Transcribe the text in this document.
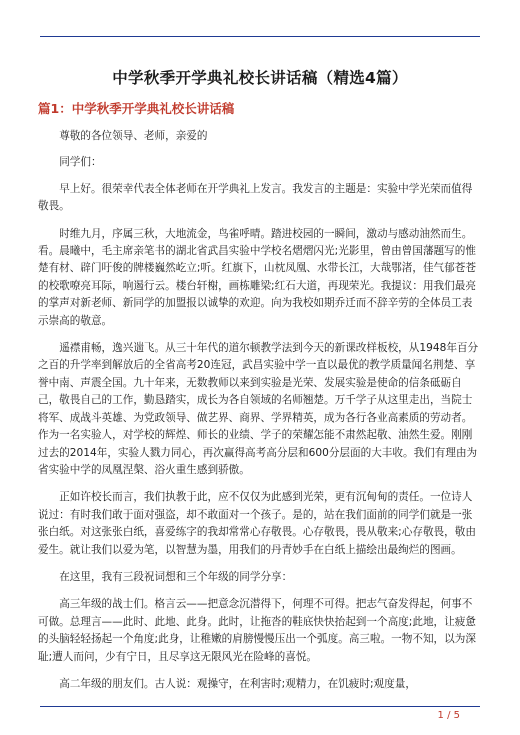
中学秋季开学典礼校长讲话稿（精选4篇）
篇1：中学秋季开学典礼校长讲话稿

尊敬的各位领导、老师，亲爱的

同学们：

早上好。很荣幸代表全体老师在开学典礼上发言。我发言的主题是：实验中学光荣而值得敬畏。

时维九月，序属三秋，大地流金，鸟雀呼晴。踏进校园的一瞬间，激动与感动油然而生。看。晨曦中，毛主席亲笔书的湖北省武昌实验中学校名熠熠闪光;光影里，曾由曾国藩题写的惟楚有材、辟门吁俊的牌楼巍然屹立;听。红旗下，山枕凤凰、水带长江，大哉鄂渚，佳气郁苍苍的校歌嘹亮耳际，响遏行云。楼台轩榭，画栋雕梁;红石大道，再现荣光。我提议：用我们最亮的掌声对新老师、新同学的加盟报以诚挚的欢迎。向为我校如期乔迁而不辞辛劳的全体员工表示崇高的敬意。

遥襟甫畅，逸兴遄飞。从三十年代的道尔顿教学法到今天的新课改样板校，从1948年百分之百的升学率到解放后的全省高考20连冠，武昌实验中学一直以最优的教学质量闻名荆楚、享誉中南、声震全国。九十年来，无数教师以来到实验是光荣、发展实验是使命的信条砥砺自己，敬畏自己的工作，勤恳踏实，成长为各自领域的名师翘楚。万千学子从这里走出，当院士将军、成战斗英雄、为党政领导、做艺界、商界、学界精英，成为各行各业高素质的劳动者。作为一名实验人，对学校的辉煌、师长的业绩、学子的荣耀怎能不肃然起敬、油然生爱。刚刚过去的2014年，实验人戮力同心，再次赢得高考高分层和600分层面的大丰收。我们有理由为省实验中学的凤凰涅槃、浴火重生感到骄傲。

正如许校长而言，我们执教于此，应不仅仅为此感到光荣，更有沉甸甸的责任。一位诗人说过：有时我们敢于面对强盗，却不敢面对一个孩子。是的，站在我们面前的同学们就是一张张白纸。对这张张白纸，喜爱练字的我却常常心存敬畏。心存敬畏，畏从敬来;心存敬畏，敬由爱生。就让我们以爱为笔，以智慧为墨，用我们的丹青妙手在白纸上描绘出最绚烂的图画。

在这里，我有三段祝词想和三个年级的同学分享：

高三年级的战士们。格言云——把意念沉潜得下，何理不可得。把志气奋发得起，何事不可做。总理言——此时、此地、此身。此时，让拖沓的鞋底快快抬起到一个高度;此地，让疲惫的头脑轻轻扬起一个角度;此身，让稚嫩的肩膀慢慢压出一个弧度。高三啦。一物不知，以为深耻;遭人而问，少有宁日，且尽享这无限风光在险峰的喜悦。

高二年级的朋友们。古人说：观操守，在利害时;观精力，在饥疲时;观度量，

1 / 5
